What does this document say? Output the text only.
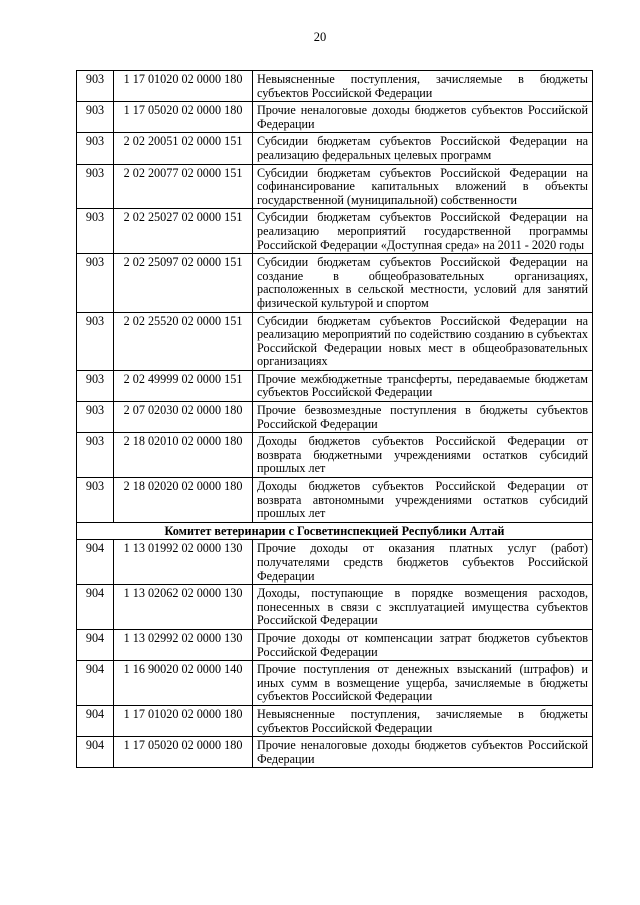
20
903	1 17 01020 02 0000 180	Невыясненные поступления, зачисляемые в бюджеты субъектов Российской Федерации
903	1 17 05020 02 0000 180	Прочие неналоговые доходы бюджетов субъектов Российской Федерации
903	2 02 20051 02 0000 151	Субсидии бюджетам субъектов Российской Федерации на реализацию федеральных целевых программ
903	2 02 20077 02 0000 151	Субсидии бюджетам субъектов Российской Федерации на софинансирование капитальных вложений в объекты государственной (муниципальной) собственности
903	2 02 25027 02 0000 151	Субсидии бюджетам субъектов Российской Федерации на реализацию мероприятий государственной программы Российской Федерации «Доступная среда» на 2011 - 2020 годы
903	2 02 25097 02 0000 151	Субсидии бюджетам субъектов Российской Федерации на создание в общеобразовательных организациях, расположенных в сельской местности, условий для занятий физической культурой и спортом
903	2 02 25520 02 0000 151	Субсидии бюджетам субъектов Российской Федерации на реализацию мероприятий по содействию созданию в субъектах Российской Федерации новых мест в общеобразовательных организациях
903	2 02 49999 02 0000 151	Прочие межбюджетные трансферты, передаваемые бюджетам субъектов Российской Федерации
903	2 07 02030 02 0000 180	Прочие безвозмездные поступления в бюджеты субъектов Российской Федерации
903	2 18 02010 02 0000 180	Доходы бюджетов субъектов Российской Федерации от возврата бюджетными учреждениями остатков субсидий прошлых лет
903	2 18 02020 02 0000 180	Доходы бюджетов субъектов Российской Федерации от возврата автономными учреждениями остатков субсидий прошлых лет
Комитет ветеринарии с Госветинспекцией Республики Алтай		
904	1 13 01992 02 0000 130	Прочие доходы от оказания платных услуг (работ) получателями средств бюджетов субъектов Российской Федерации
904	1 13 02062 02 0000 130	Доходы, поступающие в порядке возмещения расходов, понесенных в связи с эксплуатацией имущества субъектов Российской Федерации
904	1 13 02992 02 0000 130	Прочие доходы от компенсации затрат бюджетов субъектов Российской Федерации
904	1 16 90020 02 0000 140	Прочие поступления от денежных взысканий (штрафов) и иных сумм в возмещение ущерба, зачисляемые в бюджеты субъектов Российской Федерации
904	1 17 01020 02 0000 180	Невыясненные поступления, зачисляемые в бюджеты субъектов Российской Федерации
904	1 17 05020 02 0000 180	Прочие неналоговые доходы бюджетов субъектов Российской Федерации
